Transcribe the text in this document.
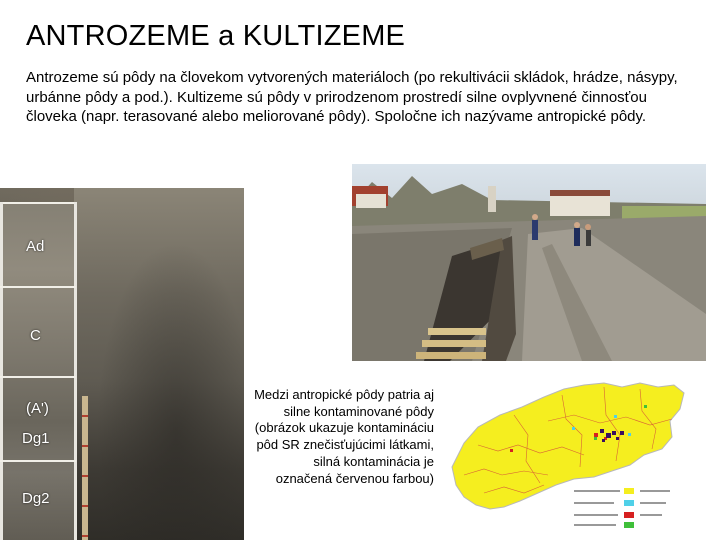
ANTROZEME a KULTIZEME
Antrozeme sú pôdy na človekom vytvorených materiáloch (po rekultivácii skládok, hrádze, násypy, urbánne pôdy a pod.). Kultizeme sú pôdy v prirodzenom prostredí silne ovplyvnené činnosťou človeka (napr. terasované alebo meliorované pôdy). Spoločne ich nazývame antropické pôdy.
Ad
C
(A')
Dg1
Dg2
Medzi antropické pôdy patria aj silne kontaminované pôdy (obrázok ukazuje kontamináciu pôd SR znečisťujúcimi látkami, silná kontaminácia je označená červenou farbou)
